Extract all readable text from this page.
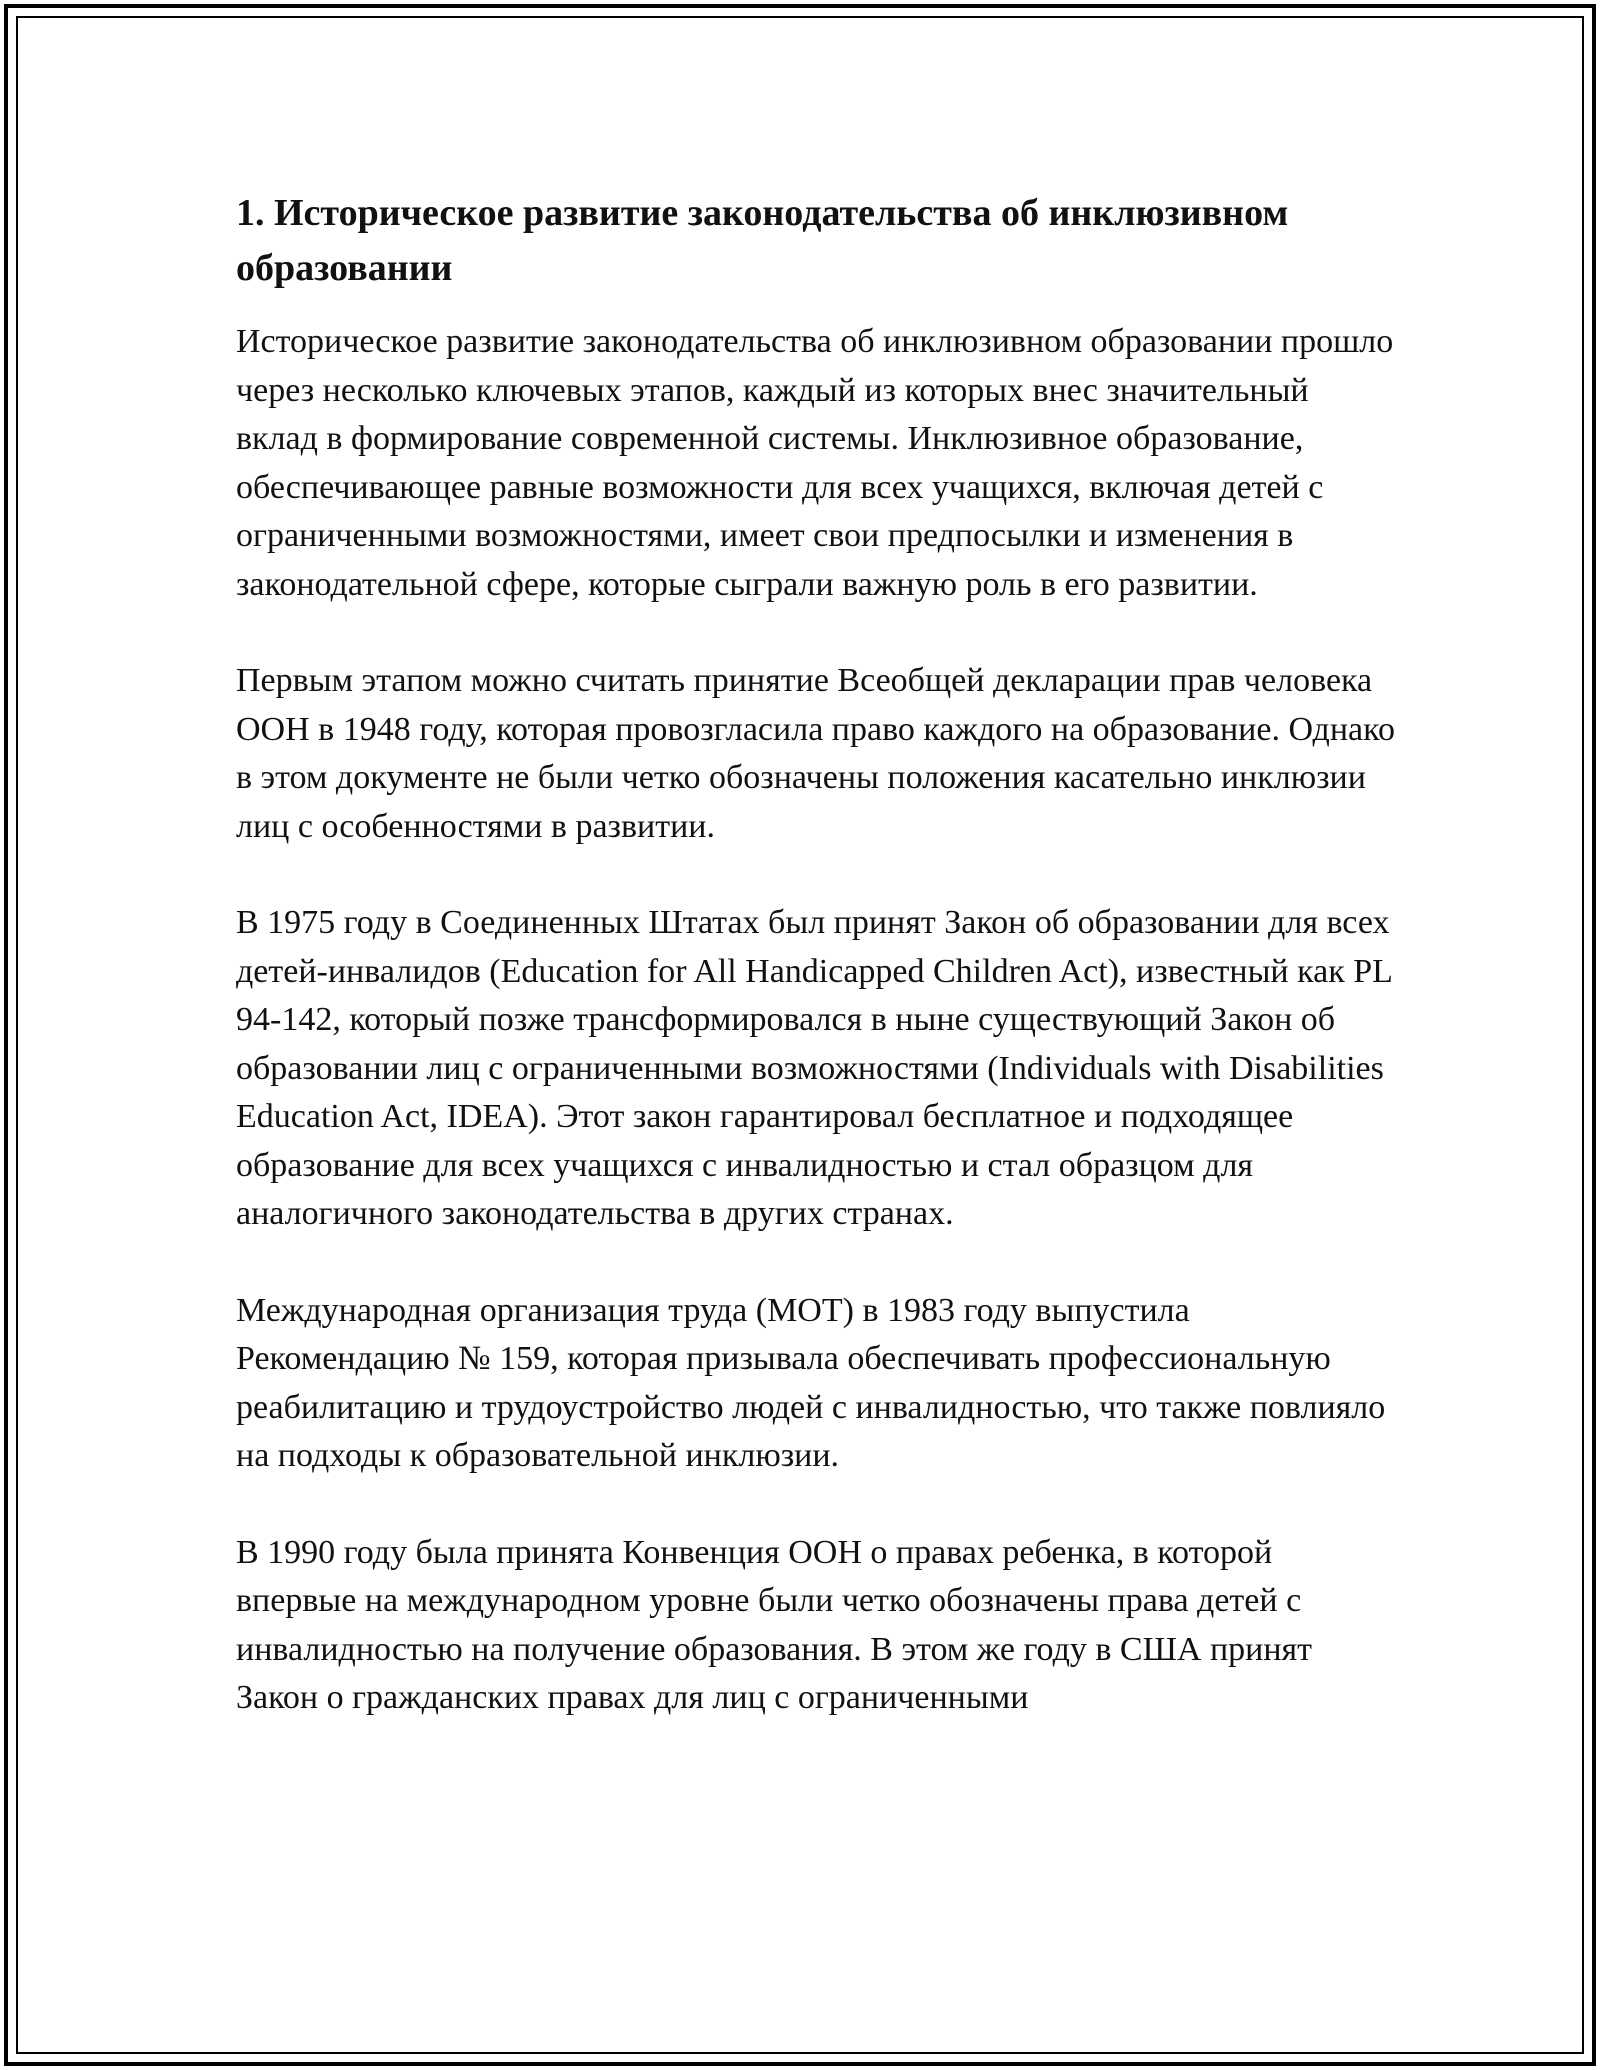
1. Историческое развитие законодательства об инклюзивном образовании

Историческое развитие законодательства об инклюзивном образовании прошло через несколько ключевых этапов, каждый из которых внес значительный вклад в формирование современной системы. Инклюзивное образование, обеспечивающее равные возможности для всех учащихся, включая детей с ограниченными возможностями, имеет свои предпосылки и изменения в законодательной сфере, которые сыграли важную роль в его развитии.

Первым этапом можно считать принятие Всеобщей декларации прав человека ООН в 1948 году, которая провозгласила право каждого на образование. Однако в этом документе не были четко обозначены положения касательно инклюзии лиц с особенностями в развитии.

В 1975 году в Соединенных Штатах был принят Закон об образовании для всех детей-инвалидов (Education for All Handicapped Children Act), известный как PL 94-142, который позже трансформировался в ныне существующий Закон об образовании лиц с ограниченными возможностями (Individuals with Disabilities Education Act, IDEA). Этот закон гарантировал бесплатное и подходящее образование для всех учащихся с инвалидностью и стал образцом для аналогичного законодательства в других странах.

Международная организация труда (МОТ) в 1983 году выпустила Рекомендацию № 159, которая призывала обеспечивать профессиональную реабилитацию и трудоустройство людей с инвалидностью, что также повлияло на подходы к образовательной инклюзии.

В 1990 году была принята Конвенция ООН о правах ребенка, в которой впервые на международном уровне были четко обозначены права детей с инвалидностью на получение образования. В этом же году в США принят Закон о гражданских правах для лиц с ограниченными
